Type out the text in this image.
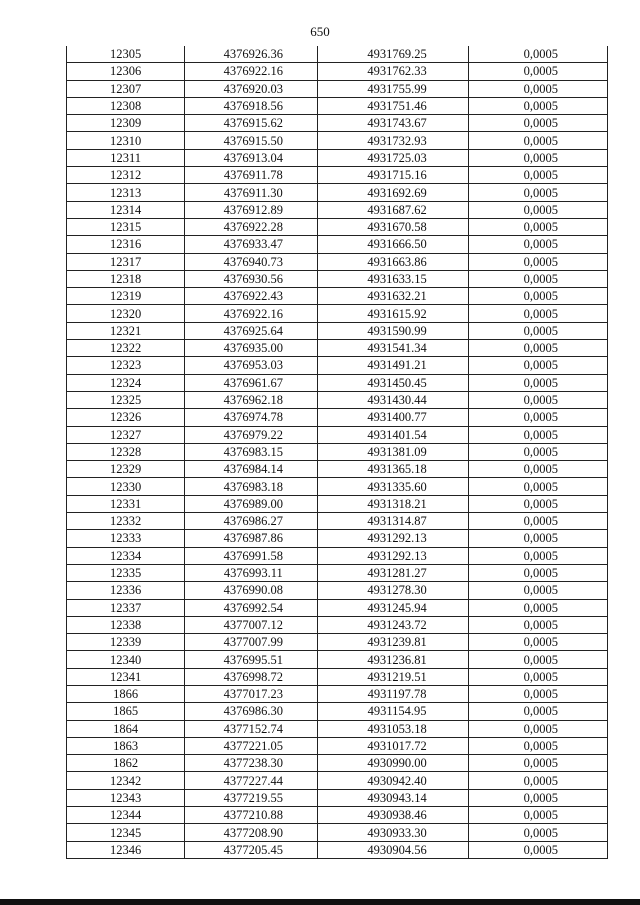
650
12305	4376926.36	4931769.25	0,0005
12306	4376922.16	4931762.33	0,0005
12307	4376920.03	4931755.99	0,0005
12308	4376918.56	4931751.46	0,0005
12309	4376915.62	4931743.67	0,0005
12310	4376915.50	4931732.93	0,0005
12311	4376913.04	4931725.03	0,0005
12312	4376911.78	4931715.16	0,0005
12313	4376911.30	4931692.69	0,0005
12314	4376912.89	4931687.62	0,0005
12315	4376922.28	4931670.58	0,0005
12316	4376933.47	4931666.50	0,0005
12317	4376940.73	4931663.86	0,0005
12318	4376930.56	4931633.15	0,0005
12319	4376922.43	4931632.21	0,0005
12320	4376922.16	4931615.92	0,0005
12321	4376925.64	4931590.99	0,0005
12322	4376935.00	4931541.34	0,0005
12323	4376953.03	4931491.21	0,0005
12324	4376961.67	4931450.45	0,0005
12325	4376962.18	4931430.44	0,0005
12326	4376974.78	4931400.77	0,0005
12327	4376979.22	4931401.54	0,0005
12328	4376983.15	4931381.09	0,0005
12329	4376984.14	4931365.18	0,0005
12330	4376983.18	4931335.60	0,0005
12331	4376989.00	4931318.21	0,0005
12332	4376986.27	4931314.87	0,0005
12333	4376987.86	4931292.13	0,0005
12334	4376991.58	4931292.13	0,0005
12335	4376993.11	4931281.27	0,0005
12336	4376990.08	4931278.30	0,0005
12337	4376992.54	4931245.94	0,0005
12338	4377007.12	4931243.72	0,0005
12339	4377007.99	4931239.81	0,0005
12340	4376995.51	4931236.81	0,0005
12341	4376998.72	4931219.51	0,0005
1866	4377017.23	4931197.78	0,0005
1865	4376986.30	4931154.95	0,0005
1864	4377152.74	4931053.18	0,0005
1863	4377221.05	4931017.72	0,0005
1862	4377238.30	4930990.00	0,0005
12342	4377227.44	4930942.40	0,0005
12343	4377219.55	4930943.14	0,0005
12344	4377210.88	4930938.46	0,0005
12345	4377208.90	4930933.30	0,0005
12346	4377205.45	4930904.56	0,0005
